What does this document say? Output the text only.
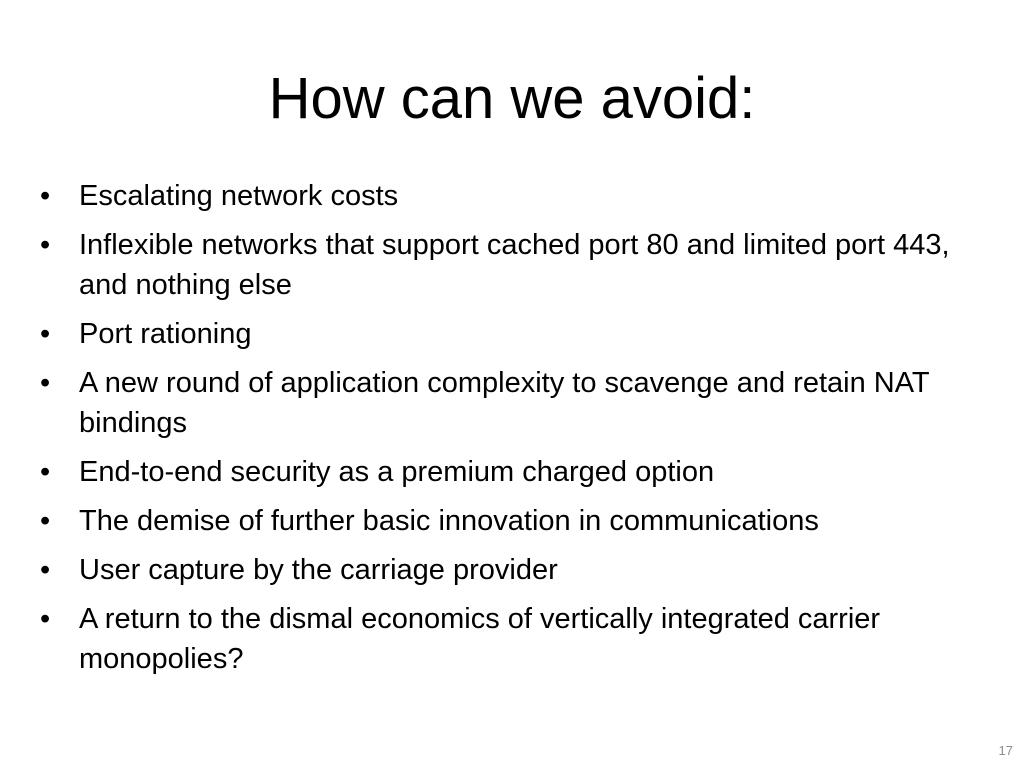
How can we avoid:
• Escalating network costs
• Inflexible networks that support cached port 80 and limited port 443, and nothing else
• Port rationing
• A new round of application complexity to scavenge and retain NAT bindings
• End-to-end security as a premium charged option
• The demise of further basic innovation in communications
• User capture by the carriage provider
• A return to the dismal economics of vertically integrated carrier monopolies?
17
